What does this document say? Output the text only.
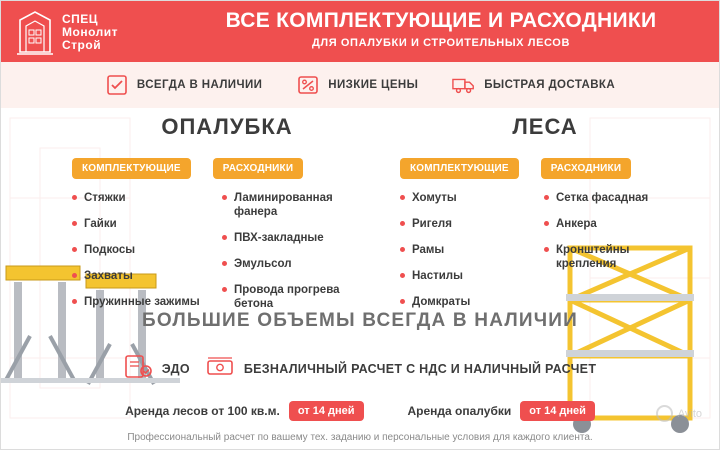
СПЕЦ
Монолит
Строй
ВСЕ КОМПЛЕКТУЮЩИЕ И РАСХОДНИКИ
ДЛЯ ОПАЛУБКИ И СТРОИТЕЛЬНЫХ ЛЕСОВ
ВСЕГДА В НАЛИЧИИ	НИЗКИЕ ЦЕНЫ	БЫСТРАЯ ДОСТАВКА
ОПАЛУБКА
КОМПЛЕКТУЮЩИЕ	РАСХОДНИКИ
Стяжки
Гайки
Подкосы
Захваты
Пружинные зажимы
Ламинированная фанера
ПВХ-закладные
Эмульсол
Провода прогрева бетона
ЛЕСА
КОМПЛЕКТУЮЩИЕ	РАСХОДНИКИ
Хомуты
Ригеля
Рамы
Настилы
Домкраты
Сетка фасадная
Анкера
Кронштейны крепления
БОЛЬШИЕ ОБЪЕМЫ ВСЕГДА В НАЛИЧИИ
ЭДО	БЕЗНАЛИЧНЫЙ РАСЧЕТ С НДС И НАЛИЧНЫЙ РАСЧЕТ
Аренда лесов от 100 кв.м.	от 14 дней	Аренда опалубки	от 14 дней
Профессиональный расчет по вашему тех. заданию и персональные условия для каждого клиента.
Avito
